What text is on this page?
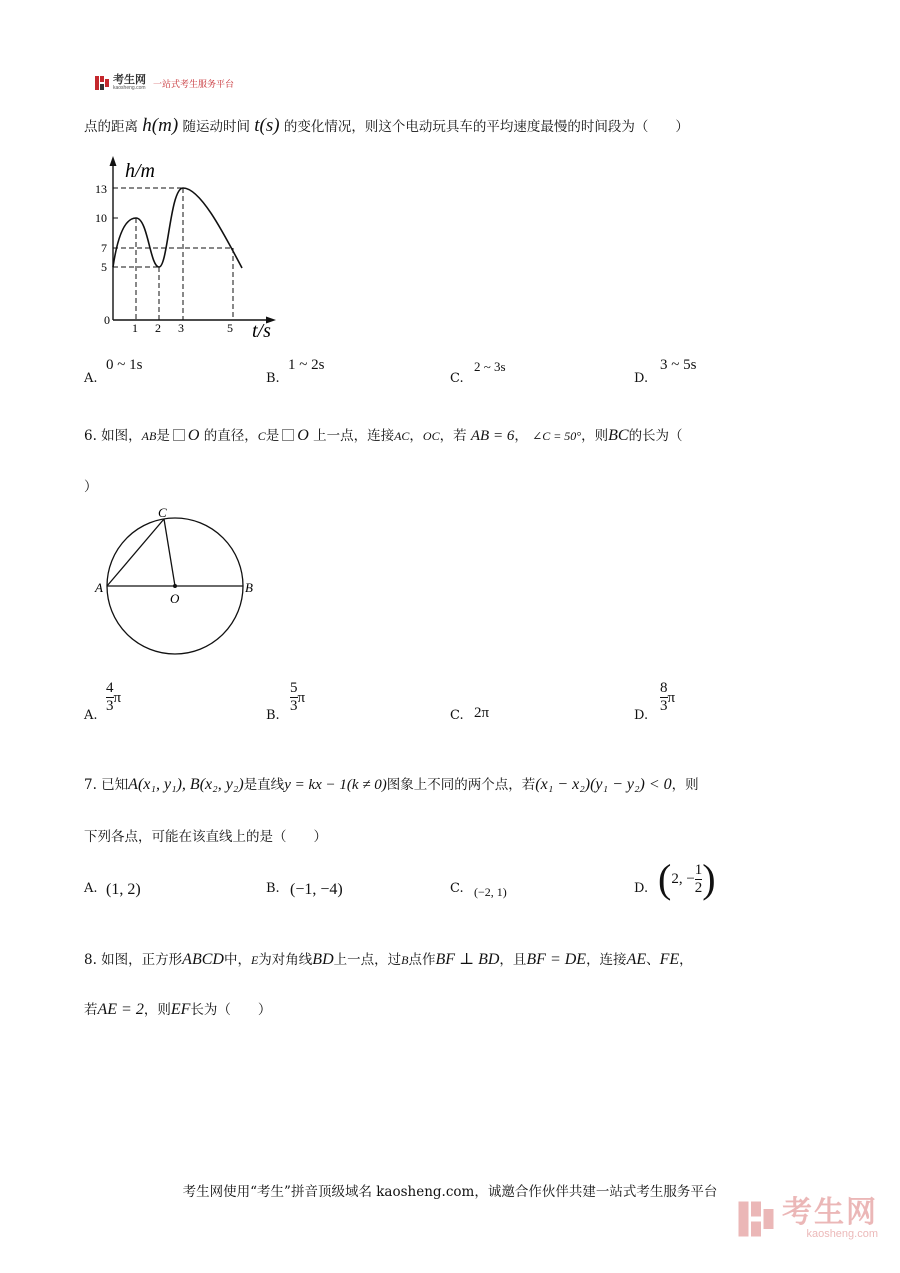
考生网
kaosheng.com 一站式考生服务平台
点的距离 h(m) 随运动时间 t(s) 的变化情况，则这个电动玩具车的平均速度最慢的时间段为（　　）
h/m
t/s
0
13
10
7
5
1 2 3	5
A.
0 ~ 1s
B.
1 ~ 2s
C.
2 ~ 3s
D.
3 ~ 5s
6. 如图，AB是 O 的直径，C是 O 上一点，连接AC，OC，若 AB = 6， ∠C = 50°，则BC的长为（
）
A	B
C
O
A.
$\frac{4}{3}$ π
B.
$\frac{5}{3}$ π
C. 2π	D.
$\frac{8}{3}$ π
7. 已知A(x₁, y₁), B(x₂, y₂)是直线y = kx − 1(k ≠ 0)图象上不同的两个点，若(x₁ − x₂)(y₁ − y₂) < 0，则
下列各点，可能在该直线上的是（　　）
A. (1, 2)	B. (−1, −4)	C. (−2, 1)	D. ( 2, − $\frac{1}{2}$ )
8. 如图，正方形ABCD中，E为对角线BD上一点，过B点作BF ⊥ BD，且BF = DE，连接AE、FE，
若AE = 2，则EF长为（　　）
考生网使用“考生”拼音顶级域名 kaosheng.com，诚邀合作伙伴共建一站式考生服务平台
考生网
kaosheng.com
